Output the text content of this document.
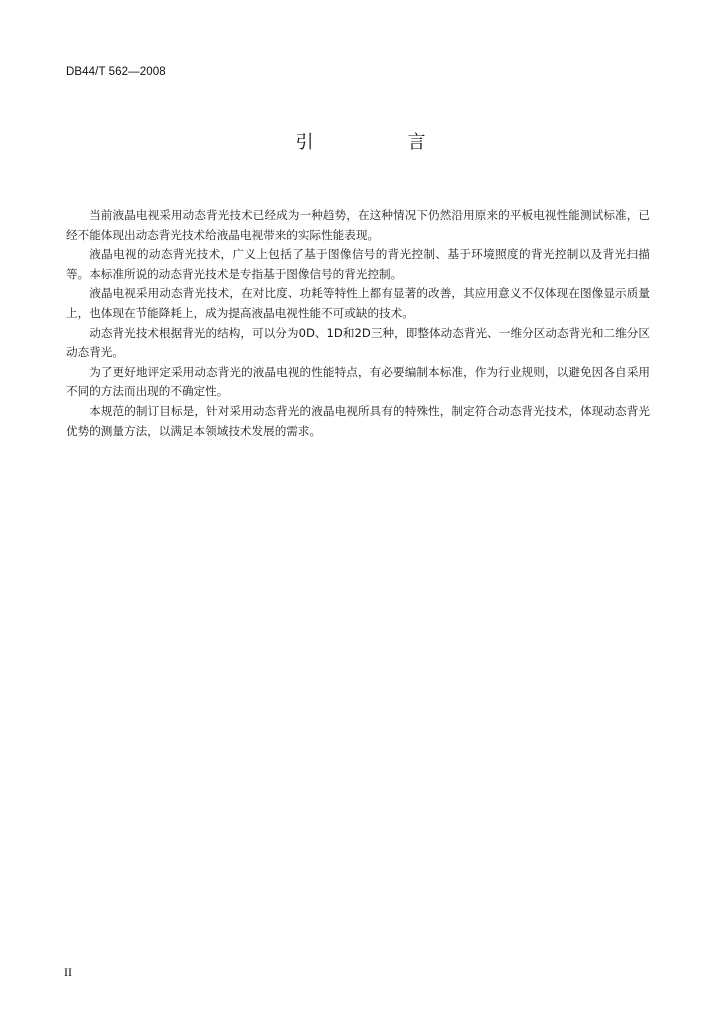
DB44/T 562—2008
引　言

当前液晶电视采用动态背光技术已经成为一种趋势，在这种情况下仍然沿用原来的平板电视性能测试标准，已经不能体现出动态背光技术给液晶电视带来的实际性能表现。

液晶电视的动态背光技术，广义上包括了基于图像信号的背光控制、基于环境照度的背光控制以及背光扫描等。本标准所说的动态背光技术是专指基于图像信号的背光控制。

液晶电视采用动态背光技术，在对比度、功耗等特性上都有显著的改善，其应用意义不仅体现在图像显示质量上，也体现在节能降耗上，成为提高液晶电视性能不可或缺的技术。

动态背光技术根据背光的结构，可以分为0D、1D和2D三种，即整体动态背光、一维分区动态背光和二维分区动态背光。

为了更好地评定采用动态背光的液晶电视的性能特点，有必要编制本标准，作为行业规则，以避免因各自采用不同的方法而出现的不确定性。

本规范的制订目标是，针对采用动态背光的液晶电视所具有的特殊性，制定符合动态背光技术，体现动态背光优势的测量方法，以满足本领域技术发展的需求。

II
